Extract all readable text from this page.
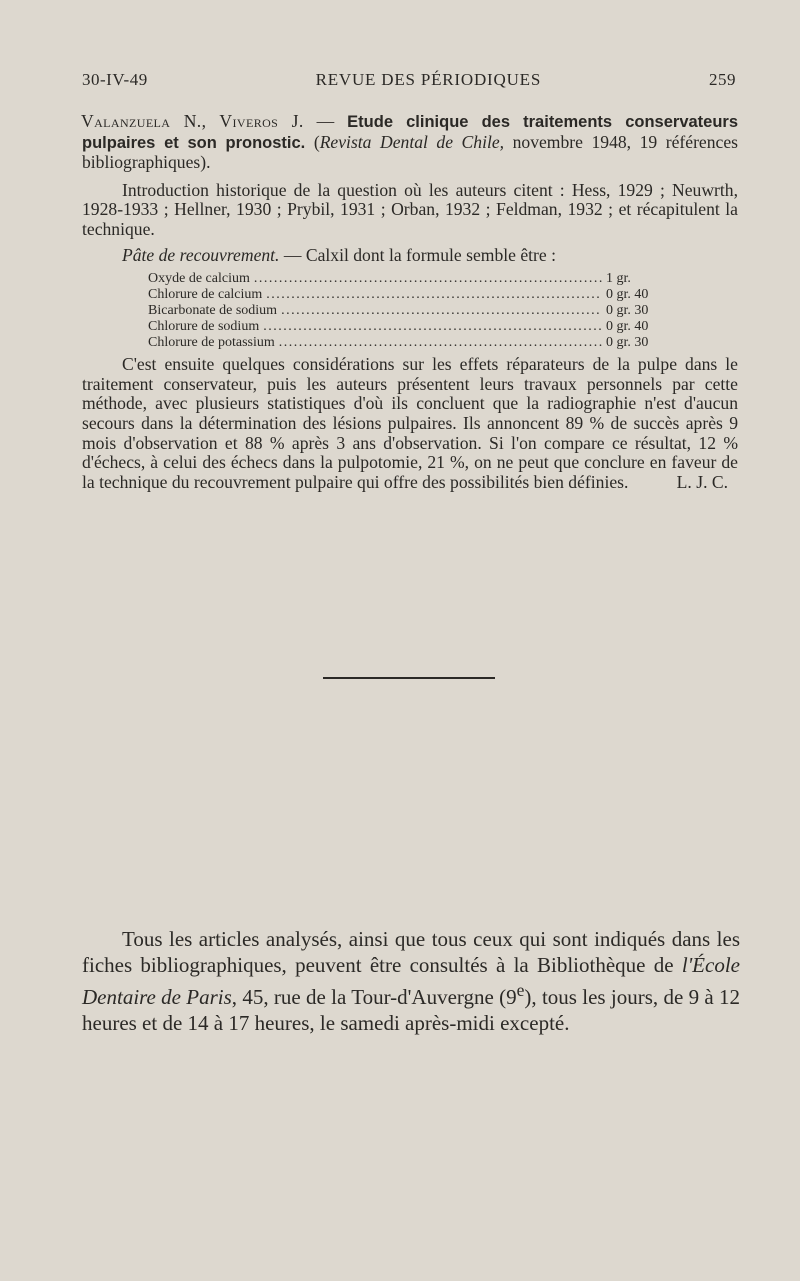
30-IV-49	REVUE DES PÉRIODIQUES	259

Valanzuela N., Viveros J. — Etude clinique des traitements conservateurs pulpaires et son pronostic. (Revista Dental de Chile, novembre 1948, 19 références bibliographiques).

Introduction historique de la question où les auteurs citent : Hess, 1929 ; Neuwrth, 1928-1933 ; Hellner, 1930 ; Prybil, 1931 ; Orban, 1932 ; Feldman, 1932 ; et récapitulent la technique.

Pâte de recouvrement. — Calxil dont la formule semble être :

Oxyde de calcium .....	1 gr.
Chlorure de calcium .....	0 gr. 40
Bicarbonate de sodium .....	0 gr. 30
Chlorure de sodium .....	0 gr. 40
Chlorure de potassium .....	0 gr. 30

C'est ensuite quelques considérations sur les effets réparateurs de la pulpe dans le traitement conservateur, puis les auteurs présentent leurs travaux personnels par cette méthode, avec plusieurs statistiques d'où ils concluent que la radiographie n'est d'aucun secours dans la détermination des lésions pulpaires. Ils annoncent 89 % de succès après 9 mois d'observation et 88 % après 3 ans d'observation. Si l'on compare ce résultat, 12 % d'échecs, à celui des échecs dans la pulpotomie, 21 %, on ne peut que conclure en faveur de la technique du recouvrement pulpaire qui offre des possibilités bien définies.	L. J. C.

Tous les articles analysés, ainsi que tous ceux qui sont indiqués dans les fiches bibliographiques, peuvent être consultés à la Bibliothèque de l'École Dentaire de Paris, 45, rue de la Tour-d'Auvergne (9e), tous les jours, de 9 à 12 heures et de 14 à 17 heures, le samedi après-midi excepté.
